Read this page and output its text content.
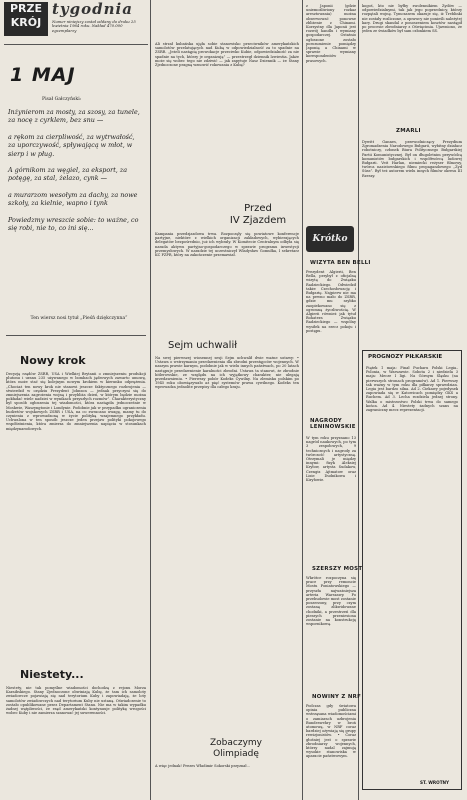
PRZE
KRÓJ
tygodnia
Numer niniejszy został oddany do druku 25 kwietnia 1964 roku. Nakład 470.000 egzemplarzy
1 MAJ
Pisał Gałczyński:

Inżynierom za mosty, za szosy, za tunele, za nocę z cyrklem, bez snu —

a rękom za cierpliwość, za wytrwałość, za uporczywość, spływającą w młot, w sierp i w pług.

A górnikom za węgiel, za eksport, za potęgę, za stal, żelazo, cynk —

a murarzom wesołym za dachy, za nowe szkoły, za kielnie, wapno i tynk

Powiedzmy wreszcie sobie: to ważne, co się robi, nie to, co ini się...

Ten wiersz nosi tytuł „Pieśń dziękczynna”
Nowy krok
Decyzją rządów ZSRR, USA i Wielkiej Brytanii o zmniejszeniu produkcji plutonu i uranu 235 używanego w bombach jądrowych zawarto umowę, która może stać się kolejnym nowym krokiem w kierunku odprężenia. „Chociaż ten nowy krok nie stanowi jeszcze faktycznego rozbrojenia — stwierdził w orędziu Prezydent Johnson — jednak przyczyni się do zmniejszenia zagrożenia wojną i przybliża dzień, w którym będzie można pokładać wiele nadziei w wynikach przyszłych rozmów”. Charakterystyczny był sposób ogłoszenia tej wiadomości, która nastąpiła jednocześnie w Moskwie, Waszyngtonie i Londynie. Podobnie jak w przypadku ograniczenia budżetów wojskowych ZSRR i USA, na co zwracano uwagę, mamy tu do czynienia z wprowadzoną w życie polityką wzajemnego przykładu. Uchwalona w ten sposób jeszcze jeden przejaw polityki pokojowego współistnienia, która zmierza do zmniejszenia napięcia w stosunkach międzynarodowych.
Niestety...
Niestety, nie tak pomyślne wiadomości dochodzą z rejonu Morza Karaibskiego. Stany Zjednoczone obwiniają Kubę, że tam ich samoloty zwiadowcze pojawiają się nad terytorium Kuby i zapowiadają, że loty samolotów zwiadowczych nad terytorium Kuby nie ustaną. Oświadczenie to zostało opublikowane przez Departament Stanu. Nie ma w takim wypadku żadnej wątpliwości, że rząd amerykański kontynuuje politykę wrogości wobec Kuby i nie zamierza szanować jej suwerenności.
Ali strzał kubańska ujęła sobie stanowisko przeciwników amerykańskich samolotów przelatujących nad Kubą w odpowiedzialność za to spadnie na ZSRR. „Jeżeli nastąpią prowokacje przeciwko Kubie, odpowiedzialność za nie spadnie na tych, którzy je organizują” — przestrzegł dziennik Izwiestia. Jakże może się wobec tego nie zdziwić — jak zapytuje Nasz Dziennik — że Stany Zjednoczone pragną wznowić rokowania z Kubą?
Przed
IV Zjazdem
Kampania przedzjazdowa trwa. Rozpoczęły się powiatowe konferencje partyjne, niektóre z wielkich organizacji zakładowych, wybierających delegatów bezpośrednio, już ich wybrały. W Komitecie Centralnym odbyła się narada aktywu partyjno-gospodarczego w sprawie programu inwestycji przemysłowych. W naradzie tej uczestniczył Władysław Gomułka, I sekretarz KC PZPR, który na zakończenie przemawiał.
Sejm uchwalił
Na swej pierwszej wiosennej sesji Sejm uchwalił dwie ważne ustawy: • Ustawa o wstrzymaniu przedawnienia dla zbrodni przestępców wojennych. W naszym prawie karnym, podobnie jak w wielu innych państwach, po 20 latach następuje przedawnienie karalności zbrodni. Ustawa ta stanowi, że zbrodnie hitlerowskie, ze względu na ich wyjątkowy charakter, nie ulegają przedawnieniu. • Pierwszy pobór Kodeks Cywilny. Na zlemisku polskim po 1945 roku obowiązywało aż pięć systemów prawa cywilnego. Kodeks ten wprowadza jednolite przepisy dla całego kraju.
Zobaczymy
Olimpiadę
A więc jednak! Prezes Władimir Sokorski przyznał...
z Japonii (gdzie uniemożliwiony rozkaz aresztowania) można obserwować ponowne zbliżenie z Chinami. Korzystny dla Japonii jest rozwój handlu i wymiany gospodarczej. Ostatnio ogłoszone zostało porozumienie pomiędzy Japonią a Chinami w sprawie wymiany korespondentów prasowych.
Krótko
WIZYTA BEN BELLI
Prezydent Algierii, Ben Bella, przybył z oficjalną wizytą do Związku Radzieckiego. Odwiedził także Czechosłowację i Bułgarię. Najpierw nie ma na pewno mało do ZSRR, gdzie mu szybko zaopiekowano się z ogromną życzliwością. W Algierii również jak tytuł Bohatera Związku Radzieckiego — wspólny wysiłek na rzecz pokoju i postępu.
NAGRODY LENINOWSKIE
W tym roku przyznano 13 nagród naukowych, po tym 3 zespołowych, 9 technicznych i nagrody za twórczość artystyczną. Otrzymali je między innymi: fizyk Aleksiej Kryłow, artysta Sudakow, Czengiz Ajtmatow oraz Lisie Dudnikowa i Kiryłowie.
SZERSZY MOST
Wkrótce rozpoczyna się prace przy remoncie Mostu Poniatowskiego — przyszła najważniejsza arteria Warszawy. Po przebudowie most zostanie poszerzony, przy czym zostaną zlikwidowane chodniki, a przestrzeń dla pieszych przeniesiona zostanie na konstrukcję wspornikową.
NOWINY Z NRF
Podczas gdy światowa opinia publiczna wstrząsana wiadomościami o zamiarach uzbrojenia Bundeswehry w broń atomową, w NRF coraz bardziej ożywiają się grupy rewizjonistów. • Coraz głośniej jest o sprawie zbrodniarzy wojennych, którzy nadal zajmują wysokie stanowiska w aparacie państwowym.
kogoś, kto nie byłby zwolennikiem Żydów — odpowiedzialnymi, tak jak jego poprzednicy, którzy rozpętali wojnę. Tymczasem okazuje się, iż Treblinki nie zostały rozliczone, a oprawcy nie ponieśli należytej kary. Drugi skandal z ponoszeniem kosztów nastąpił po procesie zbrodniarzy z Oświęcimia. Ujawniono, że jeden ze świadków był sam członkiem SS.
ZMARLI
Dywitt Gannes, przewodniczący Prezydium Zgromadzenia Narodowego Bułgarii, wybitny działacz robotniczy, członek Biura Politycznego Bułgarskiej Partii Komunistycznej. Był on długoletnim przywódcą komunistów bułgarskich i współtwórcą ludowej Bułgarii. Veit Harlan, niemiecki reżyser filmowy, twórca nazistowskiego filmu propagandowego „Żyd Süss”. Był też autorem wielu innych filmów okresu III Rzeszy.
PROGNOZY PIŁKARSKIE
Piątek 1 maja: Finał Pucharu Polski Legia–Polonia, w Warszawie. Sobota 2 i niedziela 3 maja: Mecze I ligi. Na Górnym Śląsku (na pierwszych stronach programów). Ad 1. Pierwszy tak ważny w tym roku dla piłkarzy sprawdzian. Legia jest bardzo silna. Ad 2. Ciekawy pojedynek zapowiada się w Katowicach pomiędzy GKS a Ruchem. Ad 3. Lecha rozdziela jednej strony. Walka o mistrzostwo Polski trwa do samego końca. Ad 4. Niestety żadnych szans na zagraniczny mecz reprezentacji.
ST. WROTNY
